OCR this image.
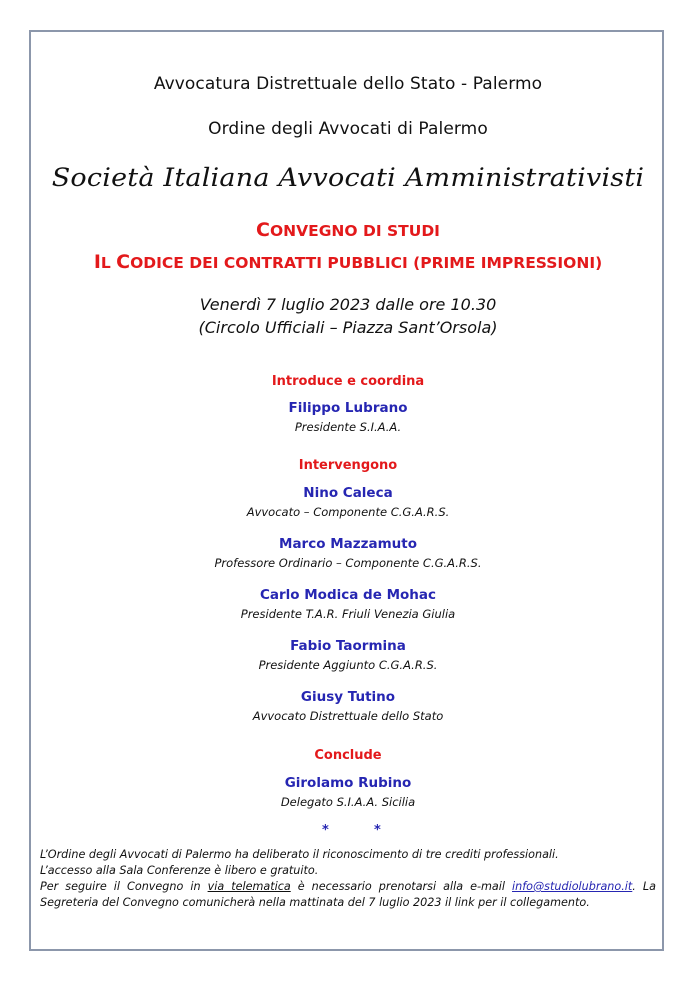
Avvocatura Distrettuale dello Stato - Palermo
Ordine degli Avvocati di Palermo
Società Italiana Avvocati Amministrativisti
CONVEGNO DI STUDI
IL CODICE DEI CONTRATTI PUBBLICI (PRIME IMPRESSIONI)
Venerdì 7 luglio 2023 dalle ore 10.30
(Circolo Ufficiali – Piazza Sant’Orsola)
Introduce e coordina
Filippo Lubrano
Presidente S.I.A.A.
Intervengono
Nino Caleca
Avvocato – Componente C.G.A.R.S.
Marco Mazzamuto
Professore Ordinario – Componente C.G.A.R.S.
Carlo Modica de Mohac
Presidente T.A.R. Friuli Venezia Giulia
Fabio Taormina
Presidente Aggiunto C.G.A.R.S.
Giusy Tutino
Avvocato Distrettuale dello Stato
Conclude
Girolamo Rubino
Delegato S.I.A.A. Sicilia
*	*

L’Ordine degli Avvocati di Palermo ha deliberato il riconoscimento di tre crediti professionali.

L’accesso alla Sala Conferenze è libero e gratuito.

Per seguire il Convegno in via telematica è necessario prenotarsi alla e-mail info@studiolubrano.it. La Segreteria del Convegno comunicherà nella mattinata del 7 luglio 2023 il link per il collegamento.
